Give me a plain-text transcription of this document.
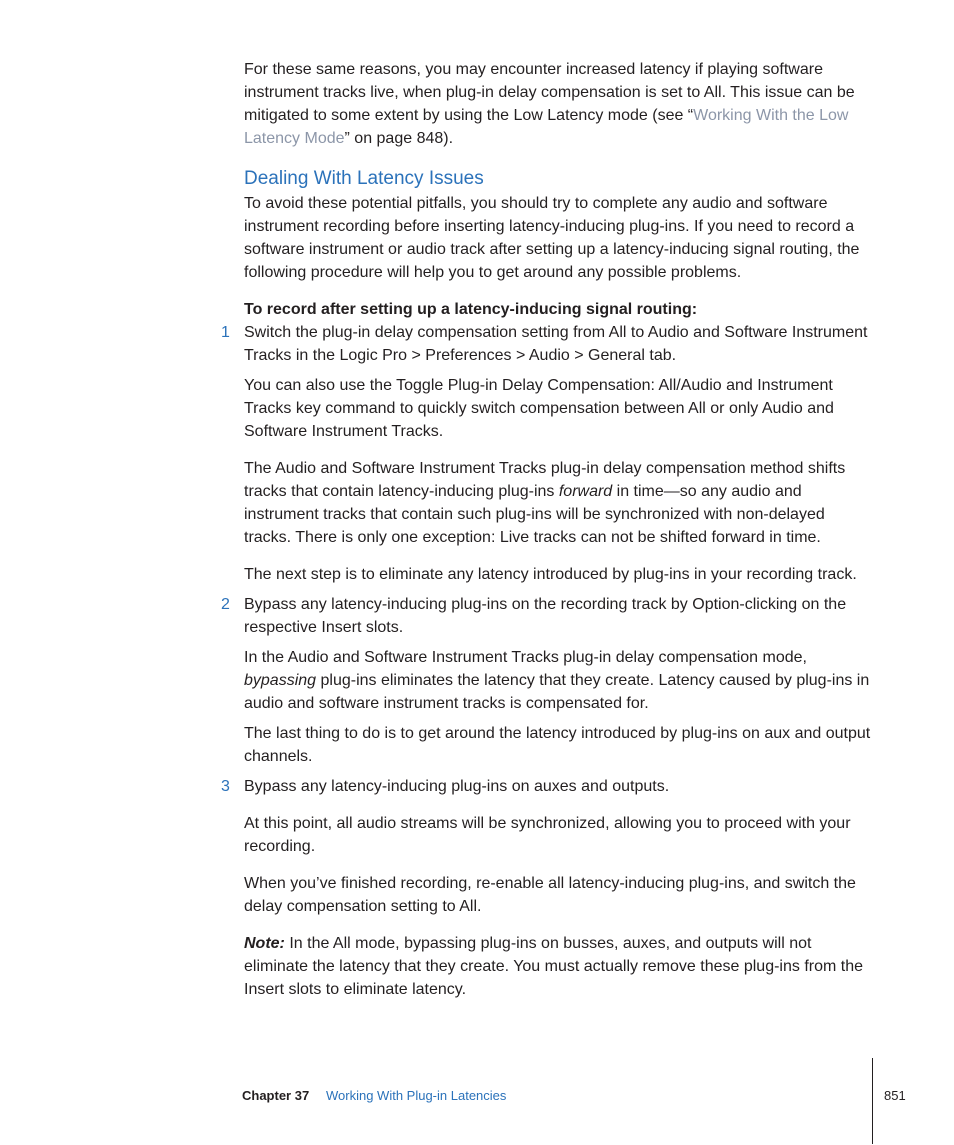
For these same reasons, you may encounter increased latency if playing software instrument tracks live, when plug-in delay compensation is set to All. This issue can be mitigated to some extent by using the Low Latency mode (see “Working With the Low Latency Mode” on page 848).

Dealing With Latency Issues

To avoid these potential pitfalls, you should try to complete any audio and software instrument recording before inserting latency-inducing plug-ins. If you need to record a software instrument or audio track after setting up a latency-inducing signal routing, the following procedure will help you to get around any possible problems.

To record after setting up a latency-inducing signal routing:

1 Switch the plug-in delay compensation setting from All to Audio and Software Instrument Tracks in the Logic Pro > Preferences > Audio > General tab.

You can also use the Toggle Plug-in Delay Compensation: All/Audio and Instrument Tracks key command to quickly switch compensation between All or only Audio and Software Instrument Tracks.

The Audio and Software Instrument Tracks plug-in delay compensation method shifts tracks that contain latency-inducing plug-ins forward in time—so any audio and instrument tracks that contain such plug-ins will be synchronized with non-delayed tracks. There is only one exception: Live tracks can not be shifted forward in time.

The next step is to eliminate any latency introduced by plug-ins in your recording track.

2 Bypass any latency-inducing plug-ins on the recording track by Option-clicking on the respective Insert slots.

In the Audio and Software Instrument Tracks plug-in delay compensation mode, bypassing plug-ins eliminates the latency that they create. Latency caused by plug-ins in audio and software instrument tracks is compensated for.

The last thing to do is to get around the latency introduced by plug-ins on aux and output channels.

3 Bypass any latency-inducing plug-ins on auxes and outputs.

At this point, all audio streams will be synchronized, allowing you to proceed with your recording.

When you’ve finished recording, re-enable all latency-inducing plug-ins, and switch the delay compensation setting to All.

Note: In the All mode, bypassing plug-ins on busses, auxes, and outputs will not eliminate the latency that they create. You must actually remove these plug-ins from the Insert slots to eliminate latency.

Chapter 37 Working With Plug-in Latencies	851
